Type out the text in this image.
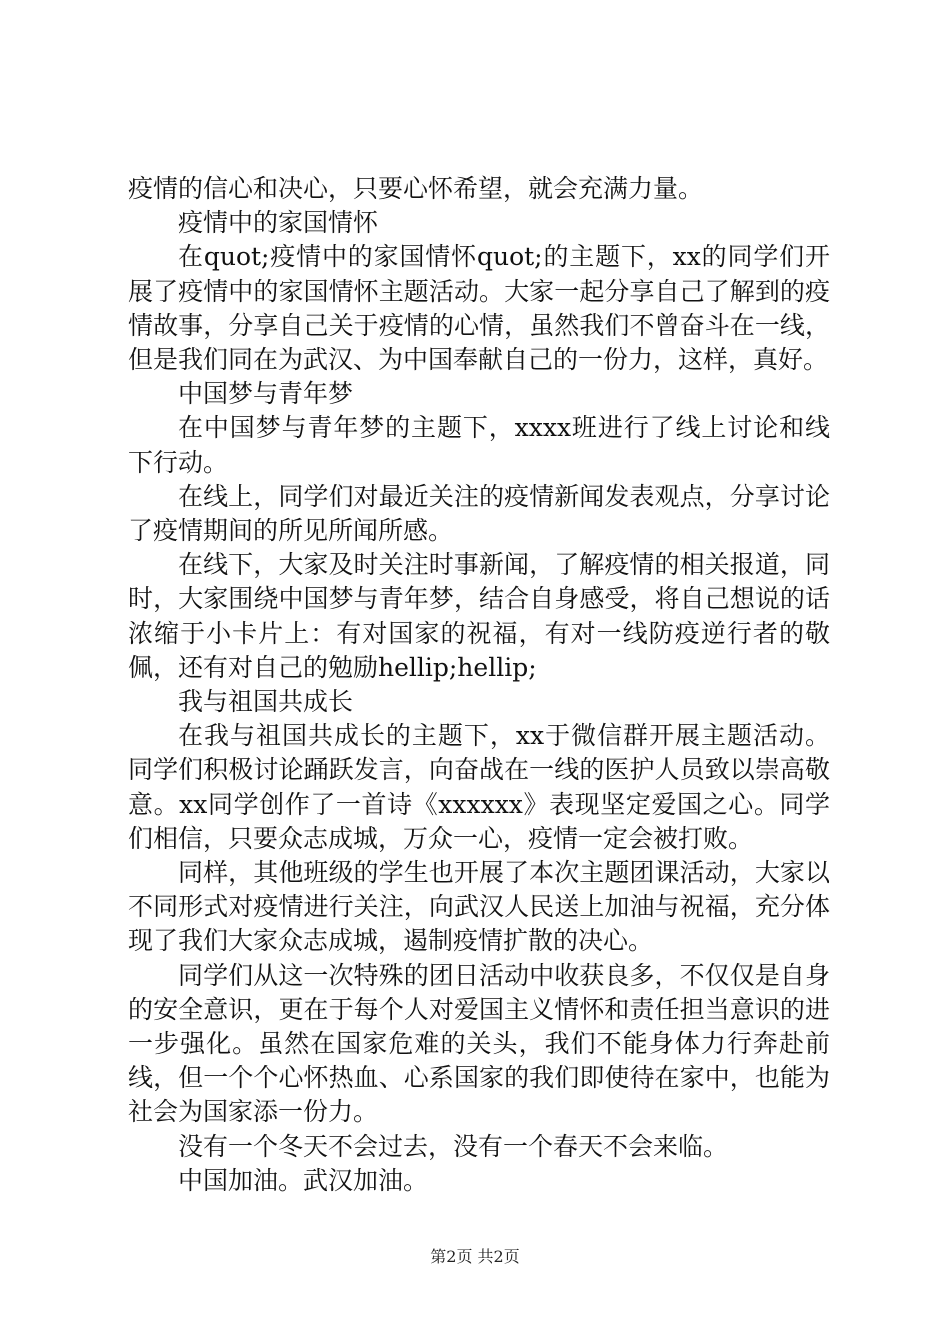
疫情的信心和决心，只要心怀希望，就会充满力量。

疫情中的家国情怀

在quot;疫情中的家国情怀quot;的主题下，xx的同学们开展了疫情中的家国情怀主题活动。大家一起分享自己了解到的疫情故事，分享自己关于疫情的心情，虽然我们不曾奋斗在一线，但是我们同在为武汉、为中国奉献自己的一份力，这样，真好。

中国梦与青年梦

在中国梦与青年梦的主题下，xxxx班进行了线上讨论和线下行动。

在线上，同学们对最近关注的疫情新闻发表观点，分享讨论了疫情期间的所见所闻所感。

在线下，大家及时关注时事新闻，了解疫情的相关报道，同时，大家围绕中国梦与青年梦，结合自身感受，将自己想说的话浓缩于小卡片上：有对国家的祝福，有对一线防疫逆行者的敬佩，还有对自己的勉励hellip;hellip;

我与祖国共成长

在我与祖国共成长的主题下，xx于微信群开展主题活动。同学们积极讨论踊跃发言，向奋战在一线的医护人员致以崇高敬意。xx同学创作了一首诗《xxxxxx》表现坚定爱国之心。同学们相信，只要众志成城，万众一心，疫情一定会被打败。

同样，其他班级的学生也开展了本次主题团课活动，大家以不同形式对疫情进行关注，向武汉人民送上加油与祝福，充分体现了我们大家众志成城，遏制疫情扩散的决心。

同学们从这一次特殊的团日活动中收获良多，不仅仅是自身的安全意识，更在于每个人对爱国主义情怀和责任担当意识的进一步强化。虽然在国家危难的关头，我们不能身体力行奔赴前线，但一个个心怀热血、心系国家的我们即使待在家中，也能为社会为国家添一份力。

没有一个冬天不会过去，没有一个春天不会来临。

中国加油。武汉加油。

第2页 共2页
